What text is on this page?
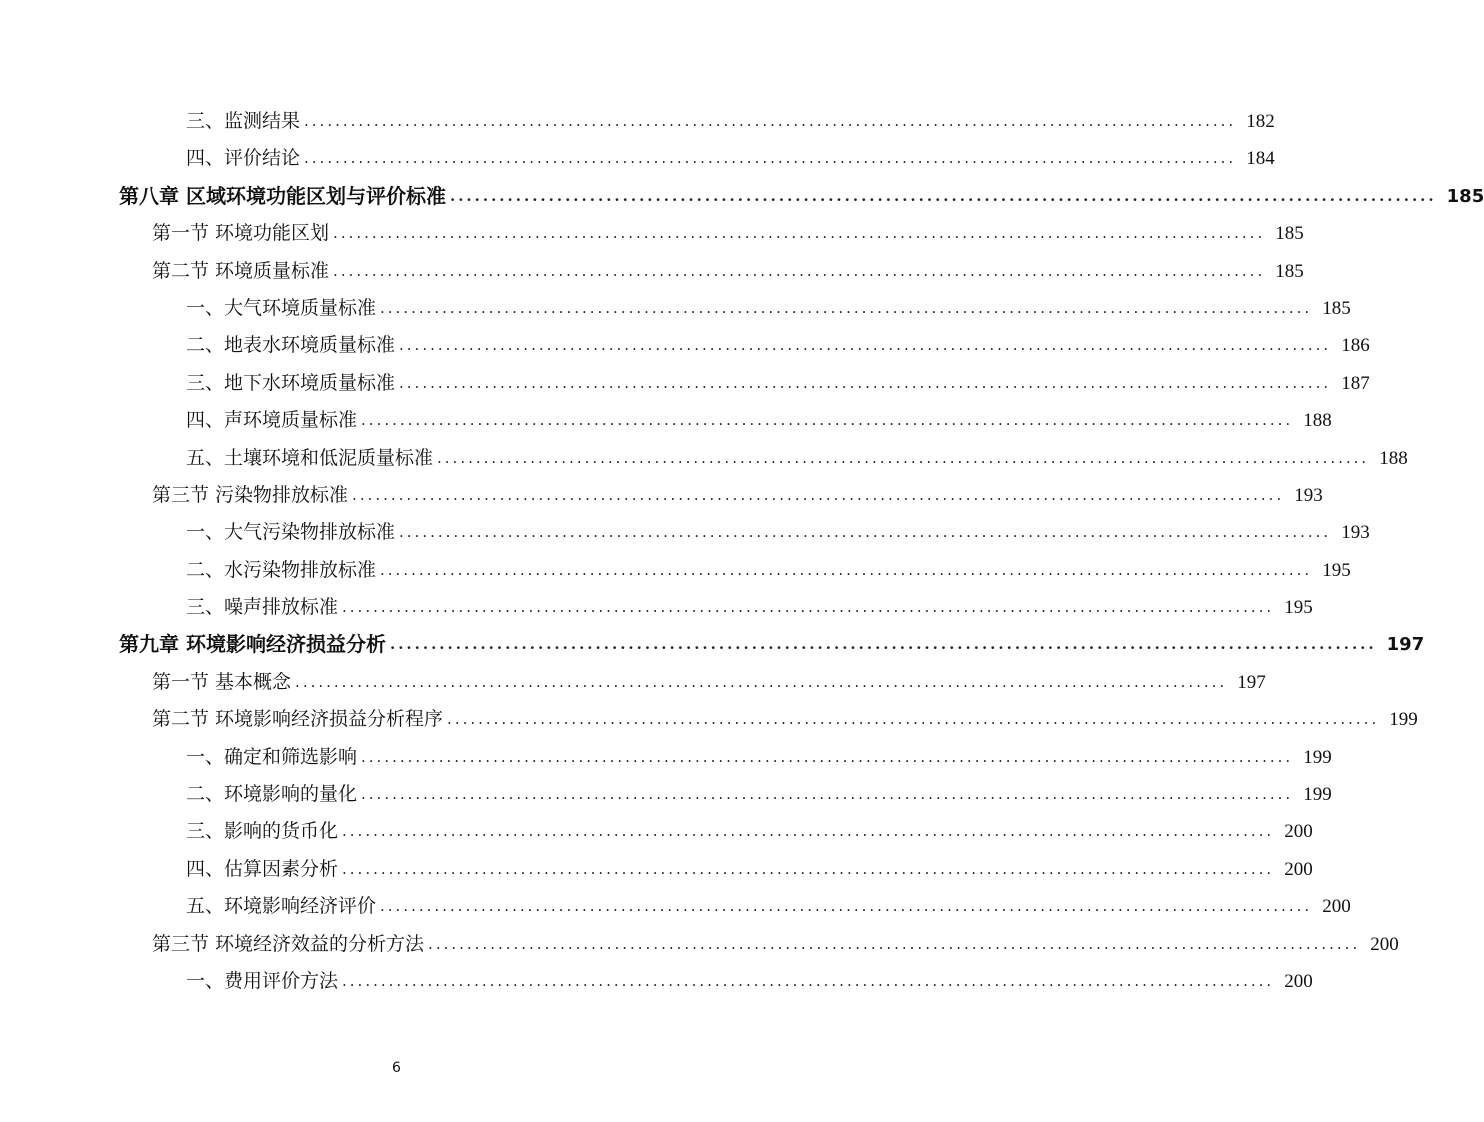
三、监测结果 ........................................................................................................................ 182
四、评价结论 ........................................................................................................................ 184
第八章 区域环境功能区划与评价标准 ........................................................................................................................ 185
第一节 环境功能区划 ........................................................................................................................ 185
第二节 环境质量标准 ........................................................................................................................ 185
一、大气环境质量标准 ........................................................................................................................ 185
二、地表水环境质量标准 ........................................................................................................................ 186
三、地下水环境质量标准 ........................................................................................................................ 187
四、声环境质量标准 ........................................................................................................................ 188
五、土壤环境和低泥质量标准 ........................................................................................................................ 188
第三节 污染物排放标准 ........................................................................................................................ 193
一、大气污染物排放标准 ........................................................................................................................ 193
二、水污染物排放标准 ........................................................................................................................ 195
三、噪声排放标准 ........................................................................................................................ 195
第九章 环境影响经济损益分析 ........................................................................................................................ 197
第一节 基本概念 ........................................................................................................................ 197
第二节 环境影响经济损益分析程序 ........................................................................................................................ 199
一、确定和筛选影响 ........................................................................................................................ 199
二、环境影响的量化 ........................................................................................................................ 199
三、影响的货币化 ........................................................................................................................ 200
四、估算因素分析 ........................................................................................................................ 200
五、环境影响经济评价 ........................................................................................................................ 200
第三节 环境经济效益的分析方法 ........................................................................................................................ 200
一、费用评价方法 ........................................................................................................................ 200
6
